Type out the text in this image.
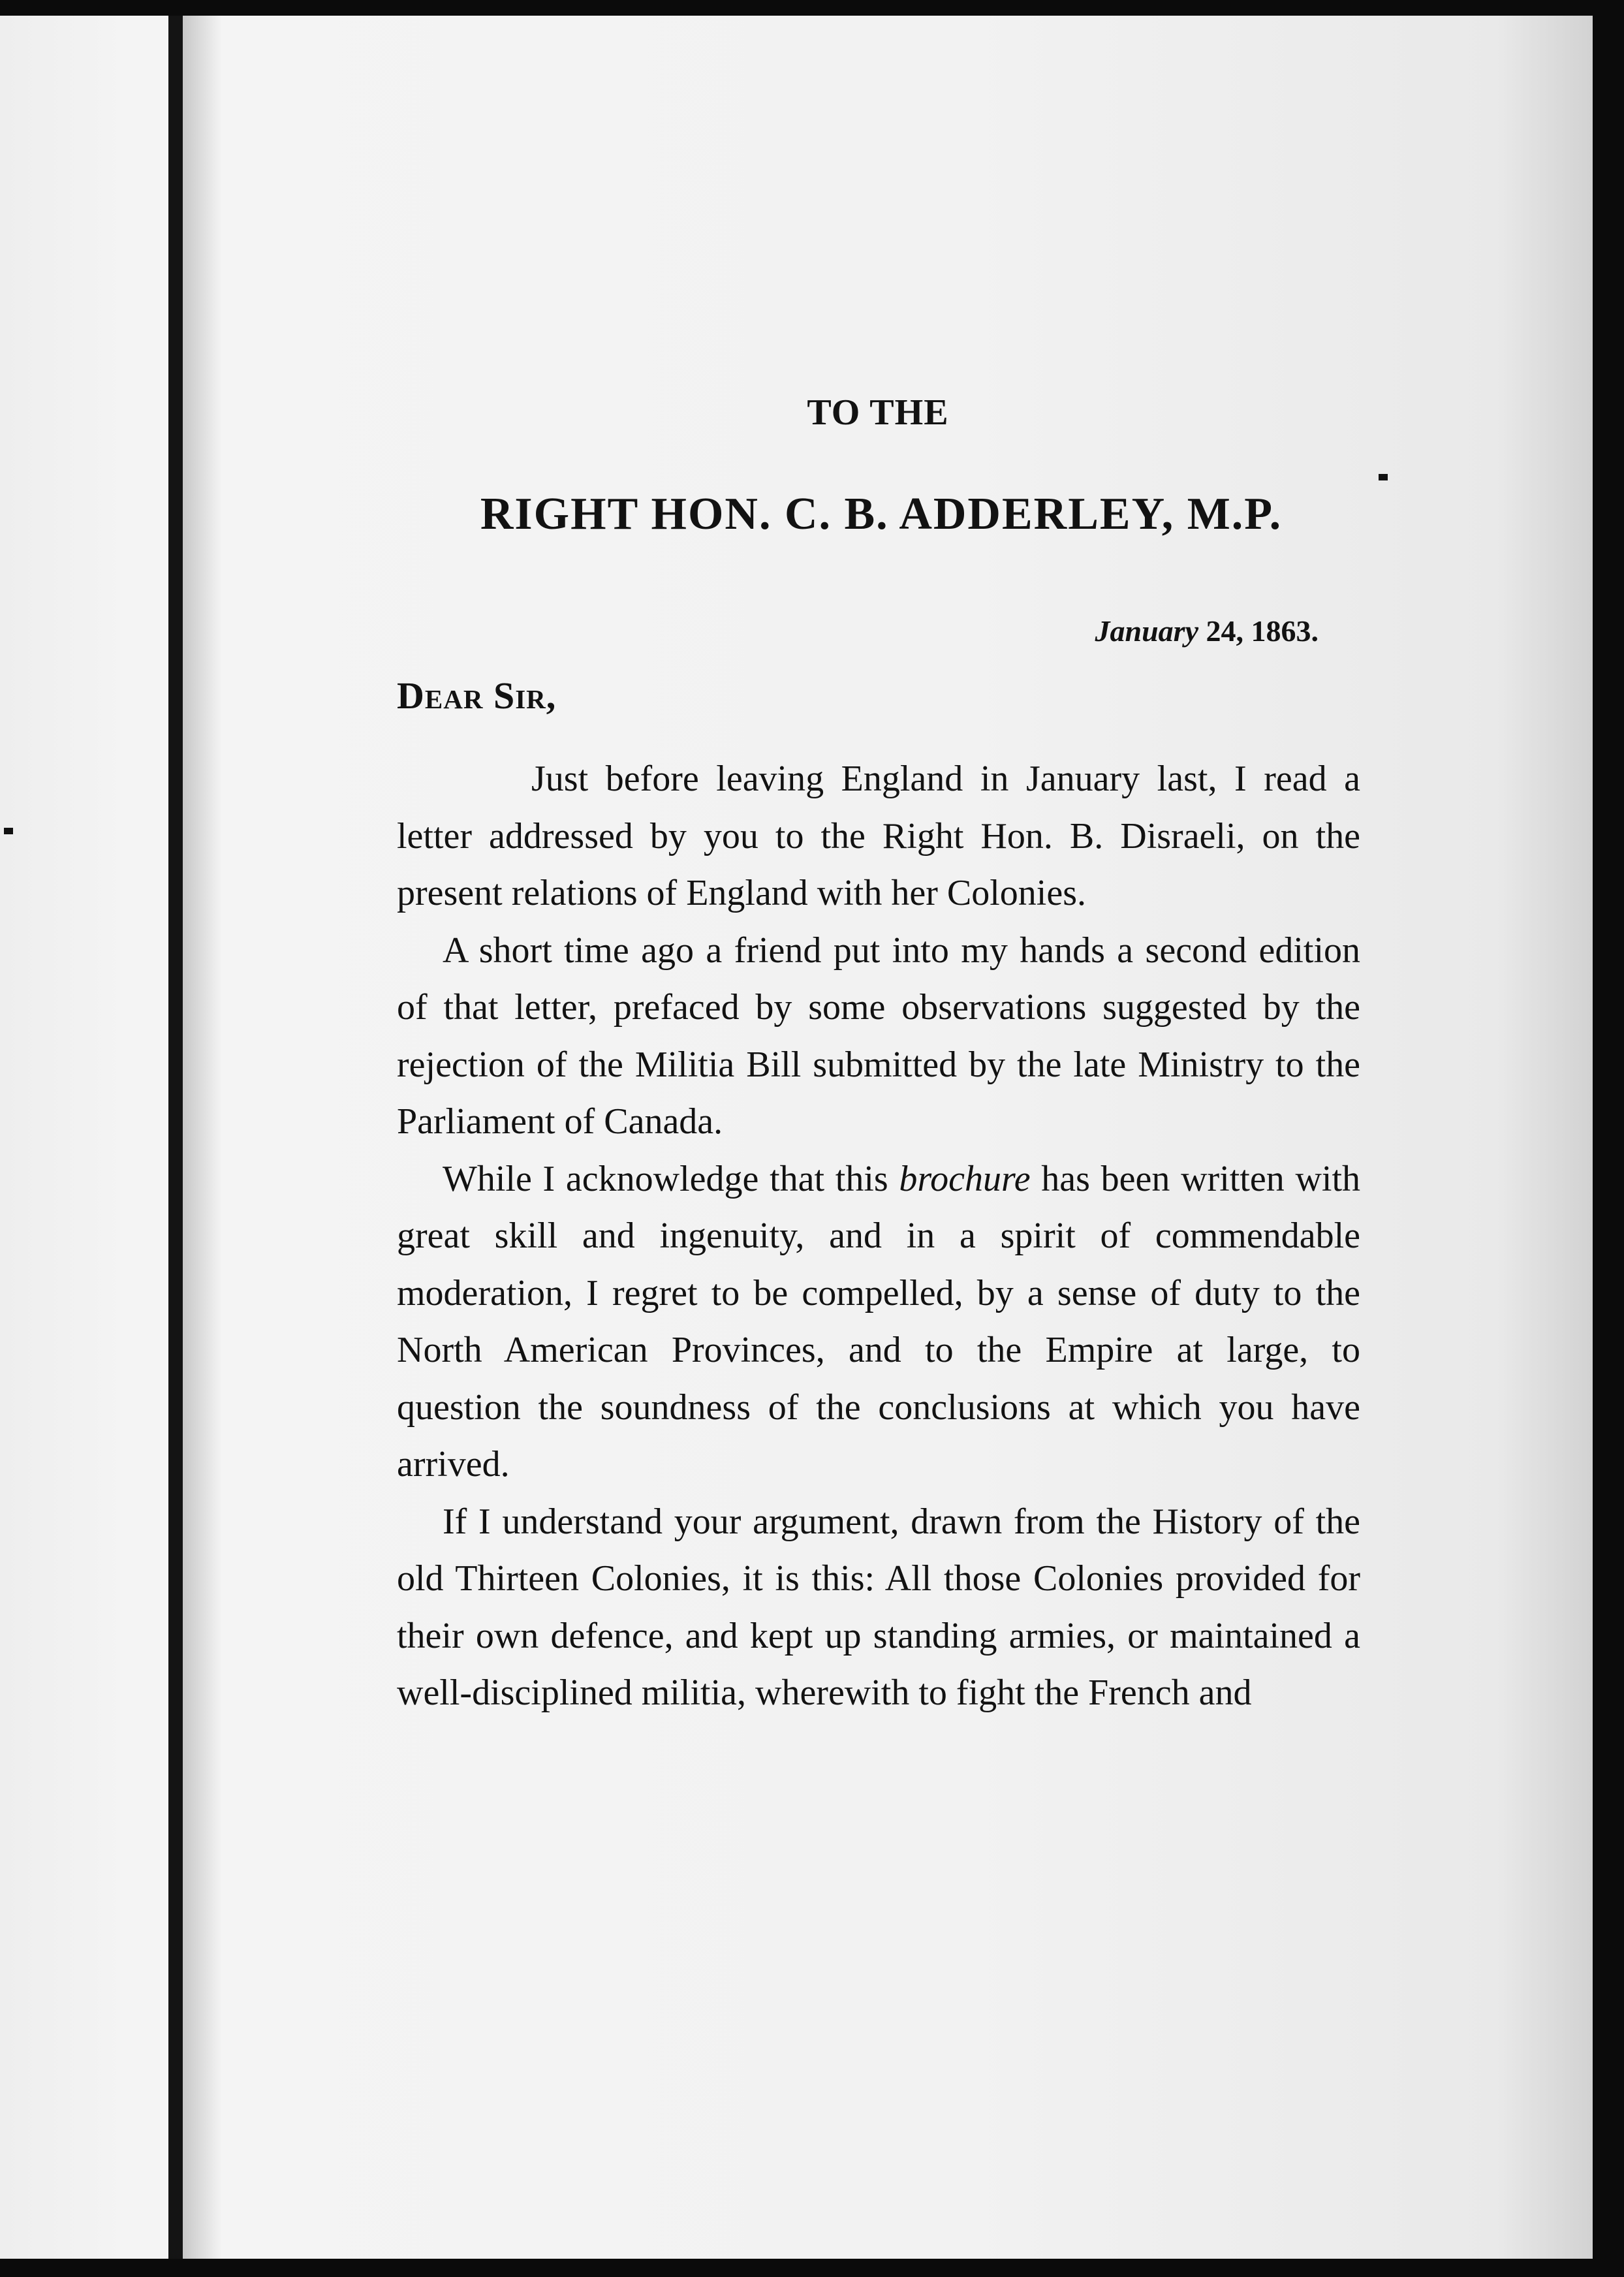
TO THE
RIGHT HON. C. B. ADDERLEY, M.P.
January 24, 1863.
Dear Sir,

Just before leaving England in January last, I read a letter addressed by you to the Right Hon. B. Disraeli, on the present relations of England with her Colonies.

A short time ago a friend put into my hands a second edition of that letter, prefaced by some observations suggested by the rejection of the Militia Bill submitted by the late Ministry to the Parliament of Canada.

While I acknowledge that this brochure has been written with great skill and ingenuity, and in a spirit of commendable moderation, I regret to be compelled, by a sense of duty to the North American Provinces, and to the Empire at large, to question the soundness of the conclusions at which you have arrived.

If I understand your argument, drawn from the History of the old Thirteen Colonies, it is this: All those Colonies provided for their own defence, and kept up standing armies, or maintained a well-disciplined militia, wherewith to fight the French and
